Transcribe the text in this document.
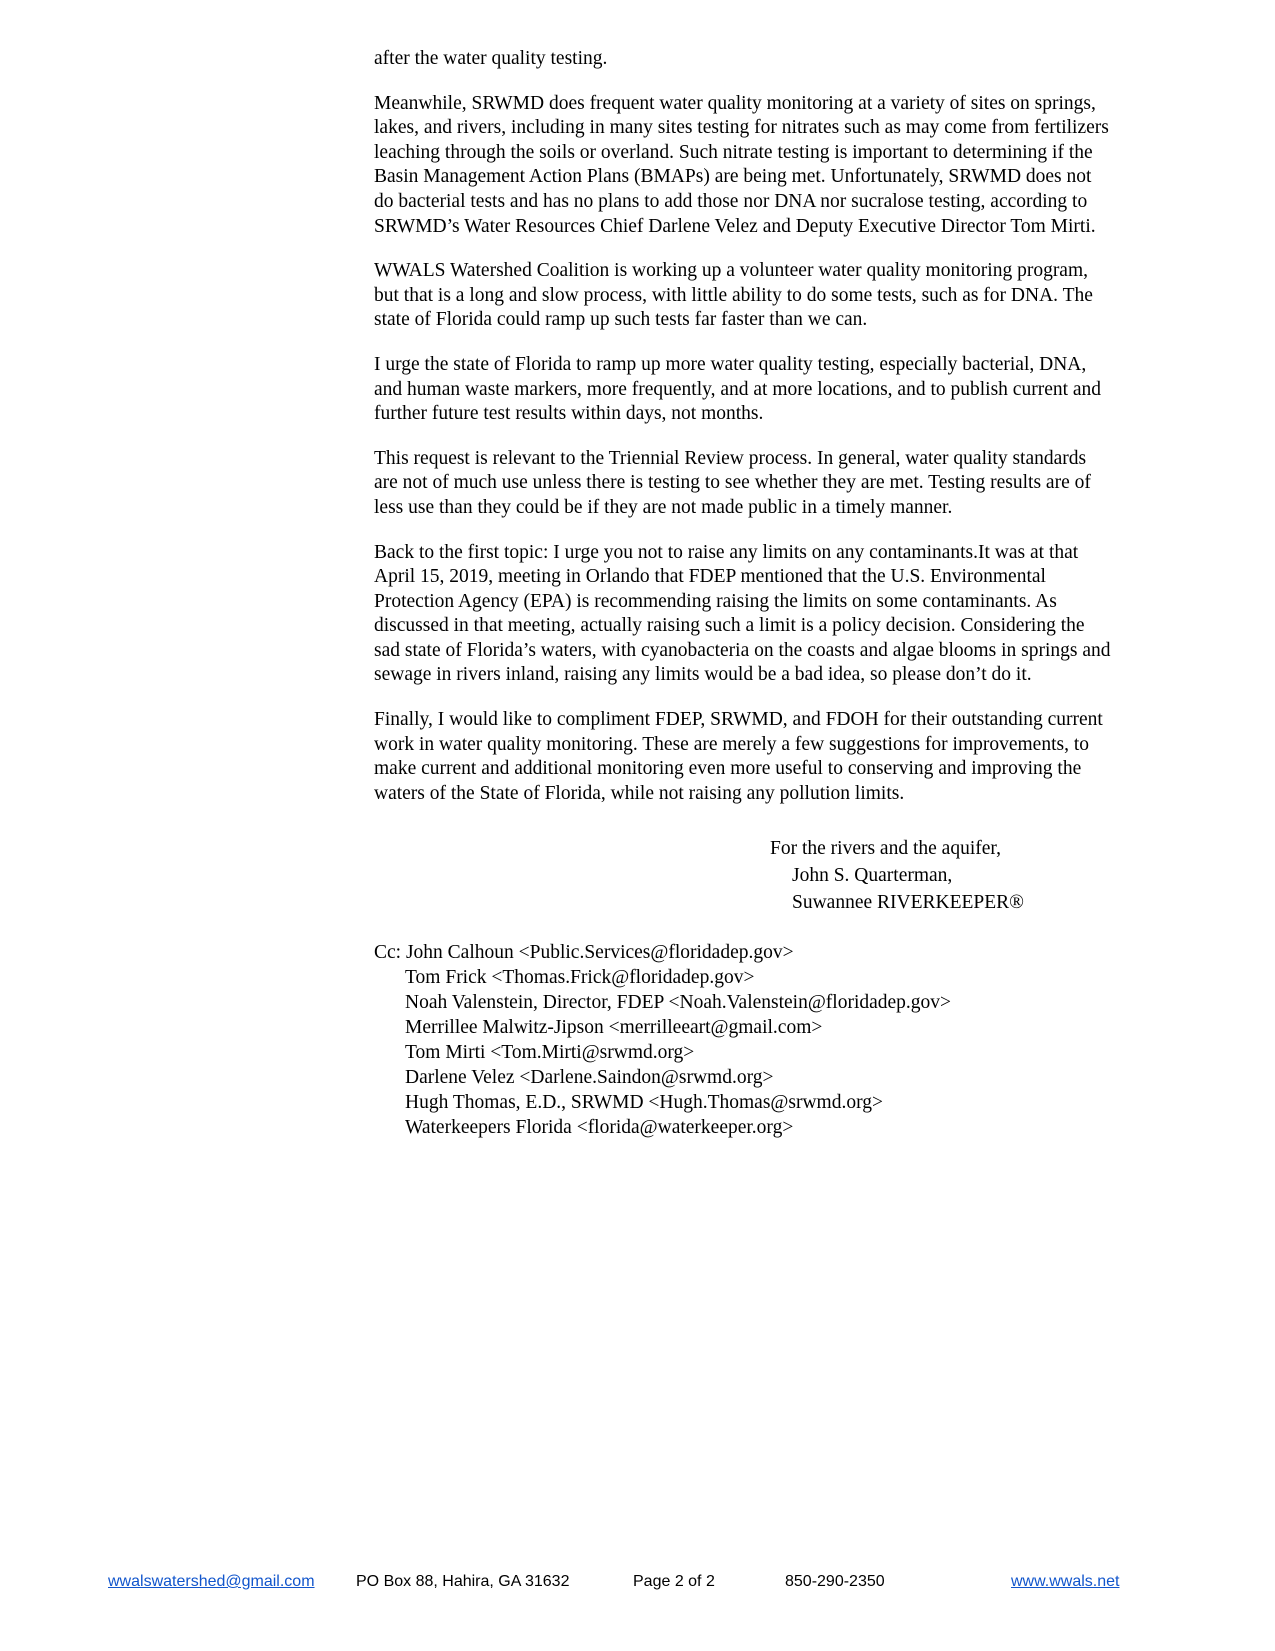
after the water quality testing.

Meanwhile, SRWMD does frequent water quality monitoring at a variety of sites on springs,
lakes, and rivers, including in many sites testing for nitrates such as may come from fertilizers
leaching through the soils or overland. Such nitrate testing is important to determining if the
Basin Management Action Plans (BMAPs) are being met. Unfortunately, SRWMD does not
do bacterial tests and has no plans to add those nor DNA nor sucralose testing, according to
SRWMD’s Water Resources Chief Darlene Velez and Deputy Executive Director Tom Mirti.

WWALS Watershed Coalition is working up a volunteer water quality monitoring program,
but that is a long and slow process, with little ability to do some tests, such as for DNA. The
state of Florida could ramp up such tests far faster than we can.

I urge the state of Florida to ramp up more water quality testing, especially bacterial, DNA,
and human waste markers, more frequently, and at more locations, and to publish current and
further future test results within days, not months.

This request is relevant to the Triennial Review process. In general, water quality standards
are not of much use unless there is testing to see whether they are met. Testing results are of
less use than they could be if they are not made public in a timely manner.

Back to the first topic: I urge you not to raise any limits on any contaminants.It was at that
April 15, 2019, meeting in Orlando that FDEP mentioned that the U.S. Environmental
Protection Agency (EPA) is recommending raising the limits on some contaminants. As
discussed in that meeting, actually raising such a limit is a policy decision. Considering the
sad state of Florida’s waters, with cyanobacteria on the coasts and algae blooms in springs and
sewage in rivers inland, raising any limits would be a bad idea, so please don’t do it.

Finally, I would like to compliment FDEP, SRWMD, and FDOH for their outstanding current
work in water quality monitoring. These are merely a few suggestions for improvements, to
make current and additional monitoring even more useful to conserving and improving the
waters of the State of Florida, while not raising any pollution limits.

For the rivers and the aquifer,
John S. Quarterman,
Suwannee RIVERKEEPER®
Cc: John Calhoun <Public.Services@floridadep.gov>
Tom Frick <Thomas.Frick@floridadep.gov>
Noah Valenstein, Director, FDEP <Noah.Valenstein@floridadep.gov>
Merrillee Malwitz-Jipson <merrilleeart@gmail.com>
Tom Mirti <Tom.Mirti@srwmd.org>
Darlene Velez <Darlene.Saindon@srwmd.org>
Hugh Thomas, E.D., SRWMD <Hugh.Thomas@srwmd.org>
Waterkeepers Florida <florida@waterkeeper.org>
wwalswatershed@gmail.com	PO Box 88, Hahira, GA 31632	Page 2 of 2	850-290-2350	www.wwals.net
